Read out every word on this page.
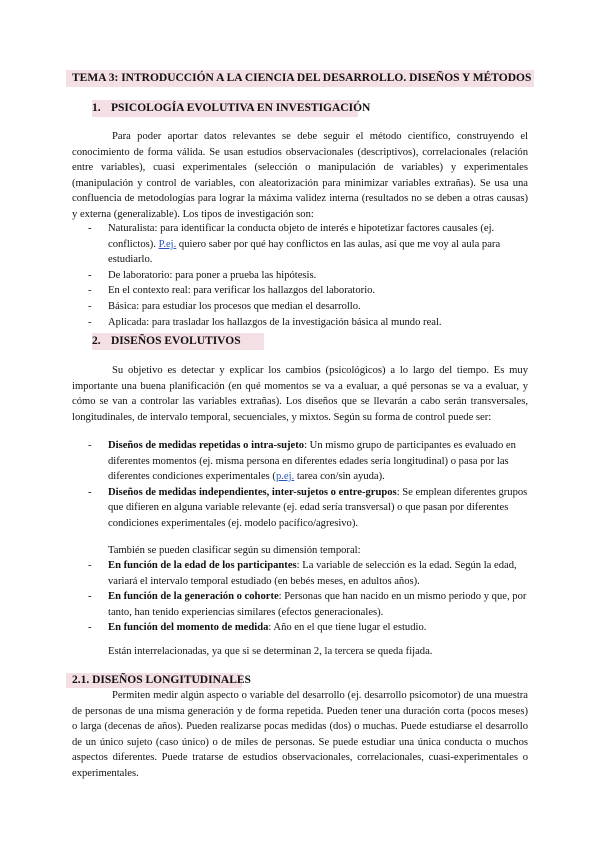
TEMA 3: INTRODUCCIÓN A LA CIENCIA DEL DESARROLLO. DISEÑOS Y MÉTODOS
1. PSICOLOGÍA EVOLUTIVA EN INVESTIGACIÓN

Para poder aportar datos relevantes se debe seguir el método científico, construyendo el conocimiento de forma válida. Se usan estudios observacionales (descriptivos), correlacionales (relación entre variables), cuasi experimentales (selección o manipulación de variables) y experimentales (manipulación y control de variables, con aleatorización para minimizar variables extrañas). Se usa una confluencia de metodologías para lograr la máxima validez interna (resultados no se deben a otras causas) y externa (generalizable). Los tipos de investigación son:

- Naturalista: para identificar la conducta objeto de interés e hipotetizar factores causales (ej. conflictos). P.ej. quiero saber por qué hay conflictos en las aulas, así que me voy al aula para estudiarlo.
- De laboratorio: para poner a prueba las hipótesis.
- En el contexto real: para verificar los hallazgos del laboratorio.
- Básica: para estudiar los procesos que median el desarrollo.
- Aplicada: para trasladar los hallazgos de la investigación básica al mundo real.
2. DISEÑOS EVOLUTIVOS

Su objetivo es detectar y explicar los cambios (psicológicos) a lo largo del tiempo. Es muy importante una buena planificación (en qué momentos se va a evaluar, a qué personas se va a evaluar, y cómo se van a controlar las variables extrañas). Los diseños que se llevarán a cabo serán transversales, longitudinales, de intervalo temporal, secuenciales, y mixtos. Según su forma de control puede ser:

- Diseños de medidas repetidas o intra-sujeto: Un mismo grupo de participantes es evaluado en diferentes momentos (ej. misma persona en diferentes edades sería longitudinal) o pasa por las diferentes condiciones experimentales (p.ej. tarea con/sin ayuda).
- Diseños de medidas independientes, inter-sujetos o entre-grupos: Se emplean diferentes grupos que difieren en alguna variable relevante (ej. edad sería transversal) o que pasan por diferentes condiciones experimentales (ej. modelo pacífico/agresivo).

También se pueden clasificar según su dimensión temporal:

- En función de la edad de los participantes: La variable de selección es la edad. Según la edad, variará el intervalo temporal estudiado (en bebés meses, en adultos años).
- En función de la generación o cohorte: Personas que han nacido en un mismo periodo y que, por tanto, han tenido experiencias similares (efectos generacionales).
- En función del momento de medida: Año en el que tiene lugar el estudio.

Están interrelacionadas, ya que si se determinan 2, la tercera se queda fijada.

2.1. DISEÑOS LONGITUDINALES

Permiten medir algún aspecto o variable del desarrollo (ej. desarrollo psicomotor) de una muestra de personas de una misma generación y de forma repetida. Pueden tener una duración corta (pocos meses) o larga (decenas de años). Pueden realizarse pocas medidas (dos) o muchas. Puede estudiarse el desarrollo de un único sujeto (caso único) o de miles de personas. Se puede estudiar una única conducta o muchos aspectos diferentes. Puede tratarse de estudios observacionales, correlacionales, cuasi-experimentales o experimentales.
